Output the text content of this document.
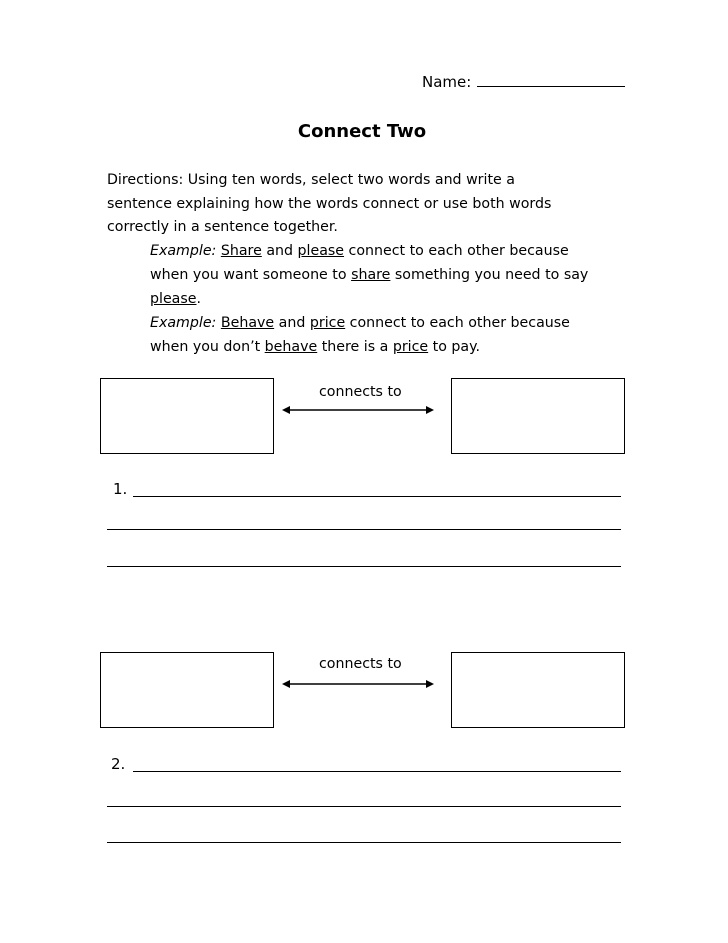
Name:
Connect Two
Directions: Using ten words, select two words and write a
sentence explaining how the words connect or use both words
correctly in a sentence together.
Example: Share and please connect to each other because
when you want someone to share something you need to say
please.
Example: Behave and price connect to each other because
when you don’t behave there is a price to pay.
connects to
1.
connects to
2.
